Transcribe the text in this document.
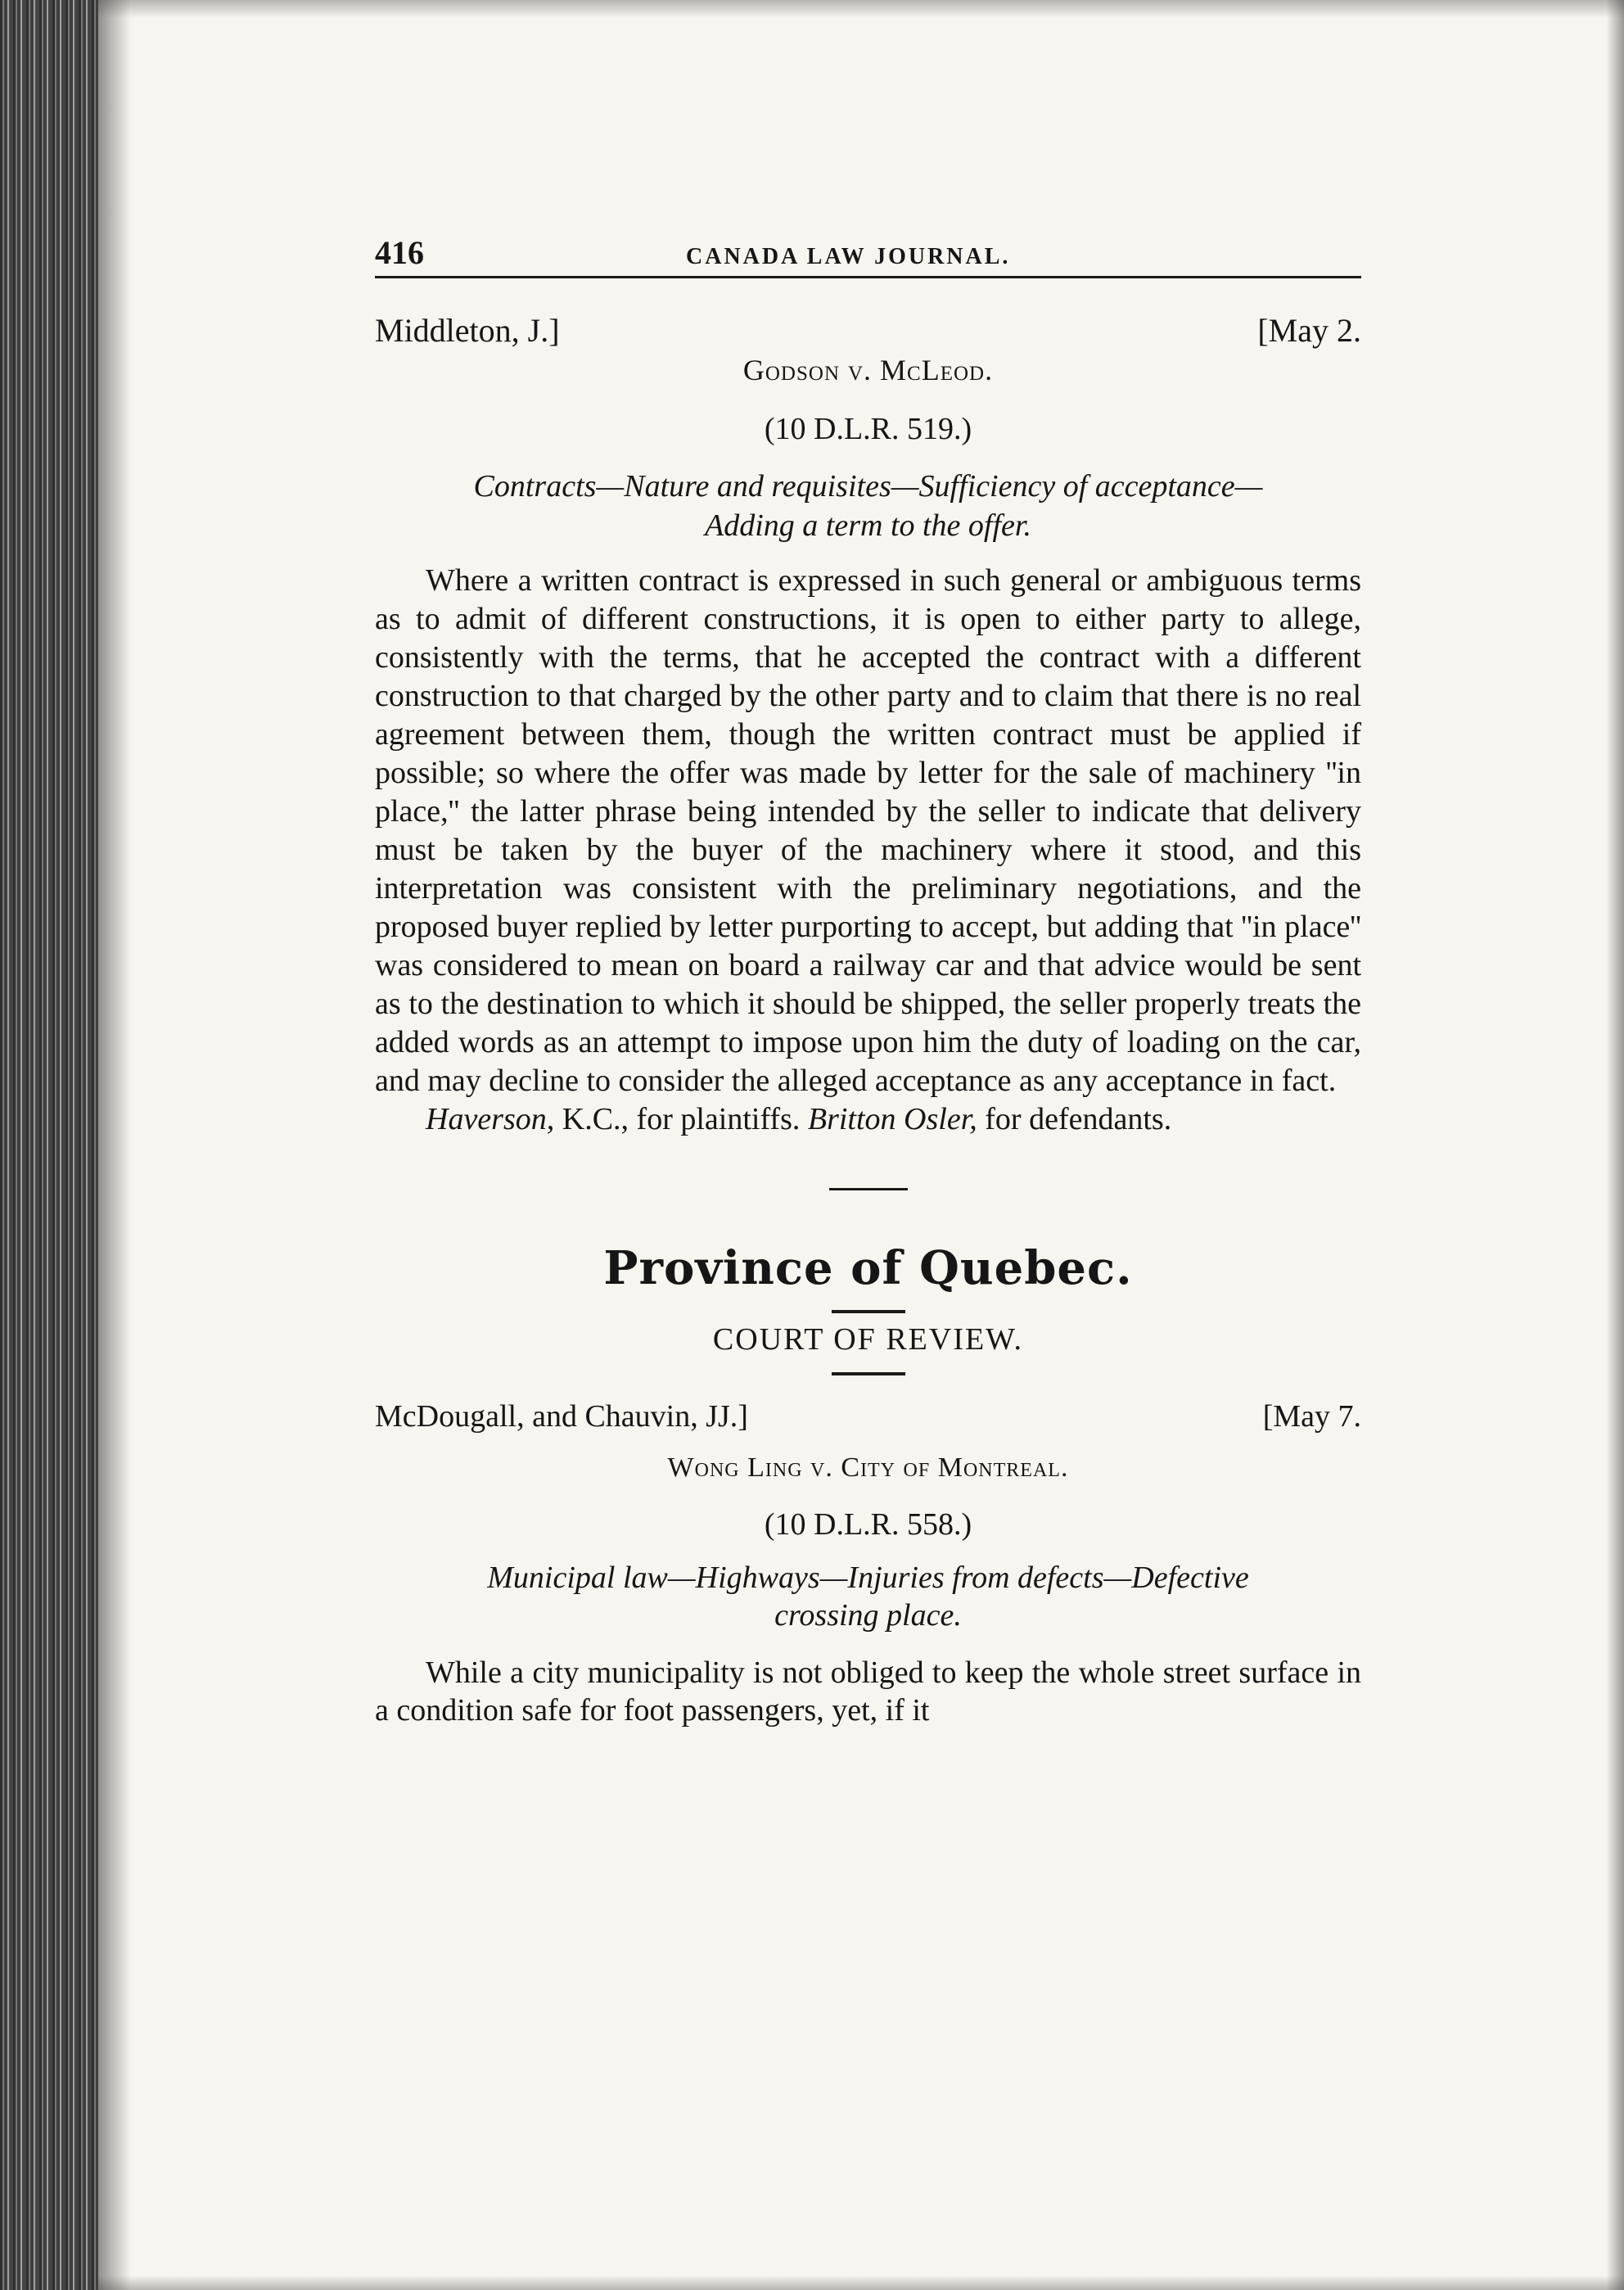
416	CANADA LAW JOURNAL.
Middleton, J.]	[May 2.
Godson v. McLeod.
(10 D.L.R. 519.)
Contracts—Nature and requisites—Sufficiency of acceptance—
Adding a term to the offer.

Where a written contract is expressed in such general or ambiguous terms as to admit of different constructions, it is open to either party to allege, consistently with the terms, that he accepted the contract with a different construction to that charged by the other party and to claim that there is no real agreement between them, though the written contract must be applied if possible; so where the offer was made by letter for the sale of machinery ''in place,'' the latter phrase being intended by the seller to indicate that delivery must be taken by the buyer of the machinery where it stood, and this interpretation was consistent with the preliminary negotiations, and the proposed buyer replied by letter purporting to accept, but adding that ''in place'' was considered to mean on board a railway car and that advice would be sent as to the destination to which it should be shipped, the seller properly treats the added words as an attempt to impose upon him the duty of loading on the car, and may decline to consider the alleged acceptance as any acceptance in fact.

Haverson, K.C., for plaintiffs. Britton Osler, for defendants.

Province of Quebec.
COURT OF REVIEW.
McDougall, and Chauvin, JJ.]	[May 7.
Wong Ling v. City of Montreal.
(10 D.L.R. 558.)
Municipal law—Highways—Injuries from defects—Defective
crossing place.

While a city municipality is not obliged to keep the whole street surface in a condition safe for foot passengers, yet, if it
